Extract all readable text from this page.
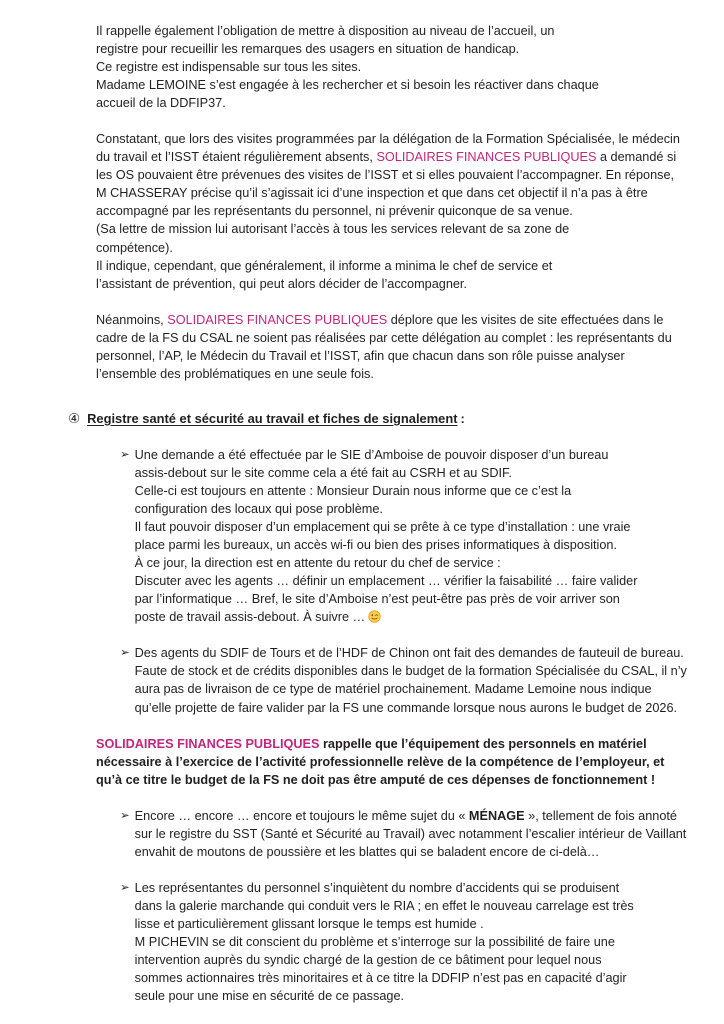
Il rappelle également l’obligation de mettre à disposition au niveau de l’accueil, un
registre pour recueillir les remarques des usagers en situation de handicap.
Ce registre est indispensable sur tous les sites.
Madame LEMOINE s’est engagée à les rechercher et si besoin les réactiver dans chaque
accueil de la DDFIP37.
Constatant, que lors des visites programmées par la délégation de la Formation Spécialisée, le médecin du travail et l’ISST étaient régulièrement absents, SOLIDAIRES FINANCES PUBLIQUES a demandé si les OS pouvaient être prévenues des visites de l’ISST et si elles pouvaient l’accompagner. En réponse, M CHASSERAY précise qu’il s’agissait ici d’une inspection et que dans cet objectif il n’a pas à être accompagné par les représentants du personnel, ni prévenir quiconque de sa venue.
(Sa lettre de mission lui autorisant l’accès à tous les services relevant de sa zone de
compétence).
Il indique, cependant, que généralement, il informe a minima le chef de service et
l’assistant de prévention, qui peut alors décider de l’accompagner.
Néanmoins, SOLIDAIRES FINANCES PUBLIQUES déplore que les visites de site effectuées dans le cadre de la FS du CSAL ne soient pas réalisées par cette délégation au complet : les représentants du personnel, l’AP, le Médecin du Travail et l’ISST, afin que chacun dans son rôle puisse analyser l’ensemble des problématiques en une seule fois.
④ Registre santé et sécurité au travail et fiches de signalement :
➢ Une demande a été effectuée par le SIE d’Amboise de pouvoir disposer d’un bureau
assis-debout sur le site comme cela a été fait au CSRH et au SDIF.
Celle-ci est toujours en attente : Monsieur Durain nous informe que ce c’est la
configuration des locaux qui pose problème.
Il faut pouvoir disposer d’un emplacement qui se prête à ce type d’installation : une vraie
place parmi les bureaux, un accès wi-fi ou bien des prises informatiques à disposition.
À ce jour, la direction est en attente du retour du chef de service :
Discuter avec les agents … définir un emplacement … vérifier la faisabilité … faire valider
par l’informatique … Bref, le site d’Amboise n’est peut-être pas près de voir arriver son
poste de travail assis-debout. À suivre …
➢ Des agents du SDIF de Tours et de l’HDF de Chinon ont fait des demandes de fauteuil de bureau. Faute de stock et de crédits disponibles dans le budget de la formation Spécialisée du CSAL, il n’y aura pas de livraison de ce type de matériel prochainement. Madame Lemoine nous indique qu’elle projette de faire valider par la FS une commande lorsque nous aurons le budget de 2026.
SOLIDAIRES FINANCES PUBLIQUES rappelle que l’équipement des personnels en matériel nécessaire à l’exercice de l’activité professionnelle relève de la compétence de l’employeur, et qu’à ce titre le budget de la FS ne doit pas être amputé de ces dépenses de fonctionnement !
➢ Encore … encore … encore et toujours le même sujet du « MÉNAGE », tellement de fois annoté sur le registre du SST (Santé et Sécurité au Travail) avec notamment l’escalier intérieur de Vaillant envahit de moutons de poussière et les blattes qui se baladent encore de ci-delà…
➢ Les représentantes du personnel s’inquiètent du nombre d’accidents qui se produisent
dans la galerie marchande qui conduit vers le RIA ; en effet le nouveau carrelage est très
lisse et particulièrement glissant lorsque le temps est humide .
M PICHEVIN se dit conscient du problème et s’interroge sur la possibilité de faire une
intervention auprès du syndic chargé de la gestion de ce bâtiment pour lequel nous
sommes actionnaires très minoritaires et à ce titre la DDFIP n’est pas en capacité d’agir
seule pour une mise en sécurité de ce passage.
